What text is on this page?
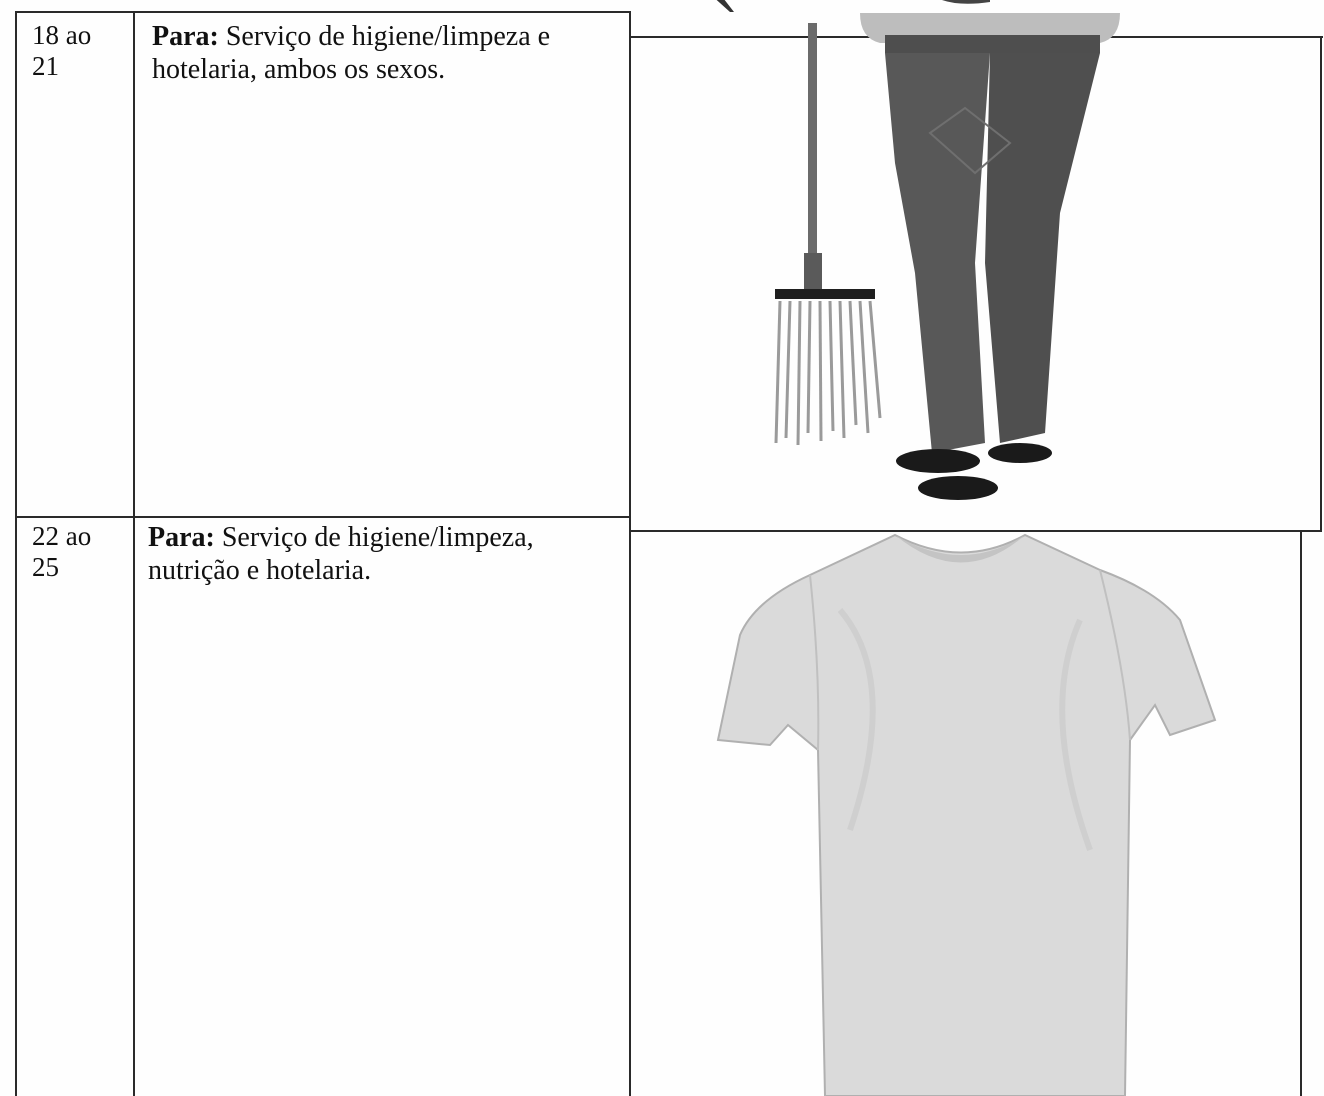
18 ao
21
Para: Serviço de higiene/limpeza e hotelaria, ambos os sexos.
22 ao
25
Para: Serviço de higiene/limpeza, nutrição e hotelaria.
